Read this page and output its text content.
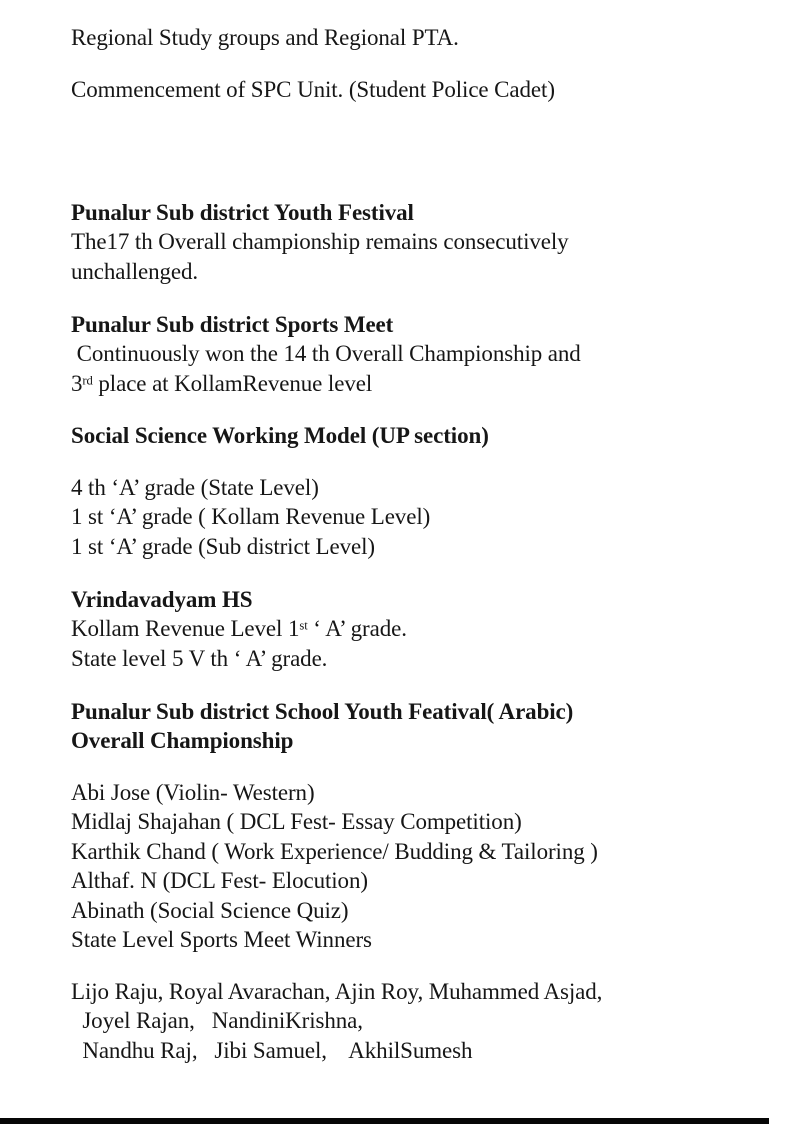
Regional Study groups and Regional PTA.
Commencement of SPC Unit. (Student Police Cadet)
Punalur Sub district Youth Festival
The17 th Overall championship remains consecutively
unchallenged.
Punalur Sub district Sports Meet
Continuously won the 14 th Overall Championship and
3rd place at KollamRevenue level
Social Science Working Model (UP section)
4 th ‘A’ grade (State Level)
1 st ‘A’ grade ( Kollam Revenue Level)
1 st ‘A’ grade (Sub district Level)
Vrindavadyam HS
Kollam Revenue Level 1st ‘ A’ grade.
State level 5 V th ‘ A’ grade.
Punalur Sub district School Youth Featival( Arabic)
Overall Championship
Abi Jose (Violin- Western)
Midlaj Shajahan ( DCL Fest- Essay Competition)
Karthik Chand ( Work Experience/ Budding & Tailoring )
Althaf. N (DCL Fest- Elocution)
Abinath (Social Science Quiz)
State Level Sports Meet Winners
Lijo Raju, Royal Avarachan, Ajin Roy, Muhammed Asjad,
Joyel Rajan,   NandiniKrishna,
Nandhu Raj,   Jibi Samuel,    AkhilSumesh
